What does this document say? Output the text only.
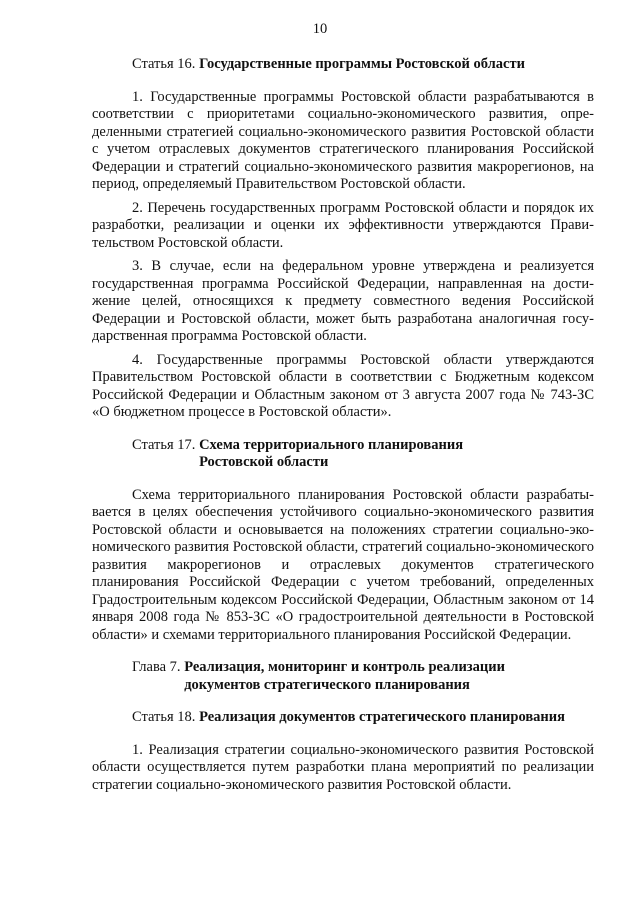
10

Статья 16. Государственные программы Ростовской области

1. Государственные программы Ростовской области разрабатываются в соответствии с приоритетами социально-экономического развития, определенными стратегией социально-экономического развития Ростовской области с учетом отраслевых документов стратегического планирования Российской Федерации и стратегий социально-экономического развития макрорегионов, на период, определяемый Правительством Ростовской области.

2. Перечень государственных программ Ростовской области и порядок их разработки, реализации и оценки их эффективности утверждаются Правительством Ростовской области.

3. В случае, если на федеральном уровне утверждена и реализуется государственная программа Российской Федерации, направленная на достижение целей, относящихся к предмету совместного ведения Российской Федерации и Ростовской области, может быть разработана аналогичная государственная программа Ростовской области.

4. Государственные программы Ростовской области утверждаются Правительством Ростовской области в соответствии с Бюджетным кодексом Российской Федерации и Областным законом от 3 августа 2007 года № 743-ЗС «О бюджетном процессе в Ростовской области».

Статья 17. Схема территориального планирования
Ростовской области

Схема территориального планирования Ростовской области разрабатывается в целях обеспечения устойчивого социально-экономического развития Ростовской области и основывается на положениях стратегии социально-экономического развития Ростовской области, стратегий социально-экономического развития макрорегионов и отраслевых документов стратегического планирования Российской Федерации с учетом требований, определенных Градостроительным кодексом Российской Федерации, Областным законом от 14 января 2008 года № 853-ЗС «О градостроительной деятельности в Ростовской области» и схемами территориального планирования Российской Федерации.

Глава 7. Реализация, мониторинг и контроль реализации
документов стратегического планирования

Статья 18. Реализация документов стратегического планирования

1. Реализация стратегии социально-экономического развития Ростовской области осуществляется путем разработки плана мероприятий по реализации стратегии социально-экономического развития Ростовской области.
